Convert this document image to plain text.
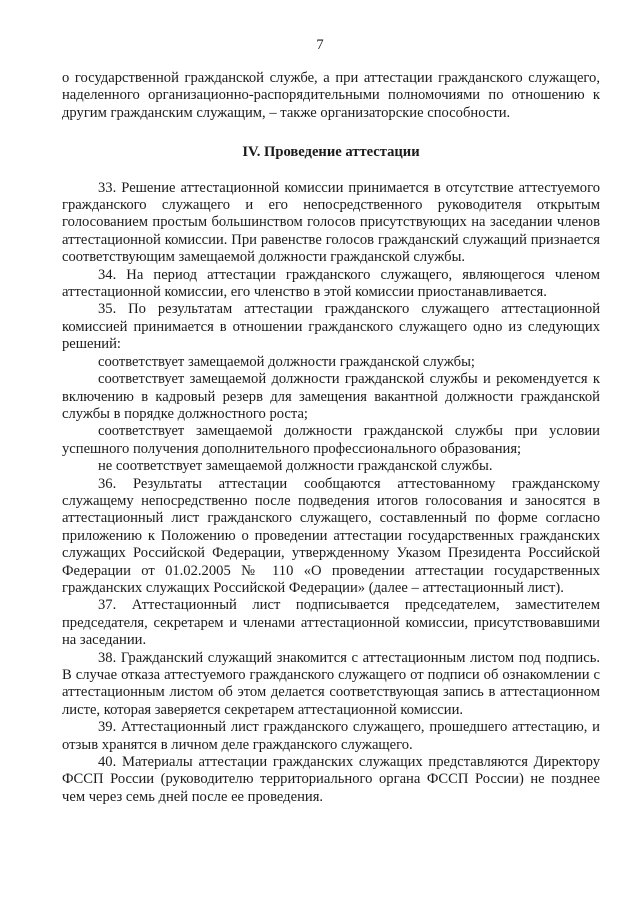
7

о государственной гражданской службе, а при аттестации гражданского служащего, наделенного организационно-распорядительными полномочиями по отношению к другим гражданским служащим, – также организаторские способности.

IV. Проведение аттестации

33. Решение аттестационной комиссии принимается в отсутствие аттестуемого гражданского служащего и его непосредственного руководителя открытым голосованием простым большинством голосов присутствующих на заседании членов аттестационной комиссии. При равенстве голосов гражданский служащий признается соответствующим замещаемой должности гражданской службы.

34. На период аттестации гражданского служащего, являющегося членом аттестационной комиссии, его членство в этой комиссии приостанавливается.

35. По результатам аттестации гражданского служащего аттестационной комиссией принимается в отношении гражданского служащего одно из следующих решений:

соответствует замещаемой должности гражданской службы;

соответствует замещаемой должности гражданской службы и рекомендуется к включению в кадровый резерв для замещения вакантной должности гражданской службы в порядке должностного роста;

соответствует замещаемой должности гражданской службы при условии успешного получения дополнительного профессионального образования;

не соответствует замещаемой должности гражданской службы.

36. Результаты аттестации сообщаются аттестованному гражданскому служащему непосредственно после подведения итогов голосования и заносятся в аттестационный лист гражданского служащего, составленный по форме согласно приложению к Положению о проведении аттестации государственных гражданских служащих Российской Федерации, утвержденному Указом Президента Российской Федерации от 01.02.2005 № 110 «О проведении аттестации государственных гражданских служащих Российской Федерации» (далее – аттестационный лист).

37. Аттестационный лист подписывается председателем, заместителем председателя, секретарем и членами аттестационной комиссии, присутствовавшими на заседании.

38. Гражданский служащий знакомится с аттестационным листом под подпись. В случае отказа аттестуемого гражданского служащего от подписи об ознакомлении с аттестационным листом об этом делается соответствующая запись в аттестационном листе, которая заверяется секретарем аттестационной комиссии.

39. Аттестационный лист гражданского служащего, прошедшего аттестацию, и отзыв хранятся в личном деле гражданского служащего.

40. Материалы аттестации гражданских служащих представляются Директору ФССП России (руководителю территориального органа ФССП России) не позднее чем через семь дней после ее проведения.
